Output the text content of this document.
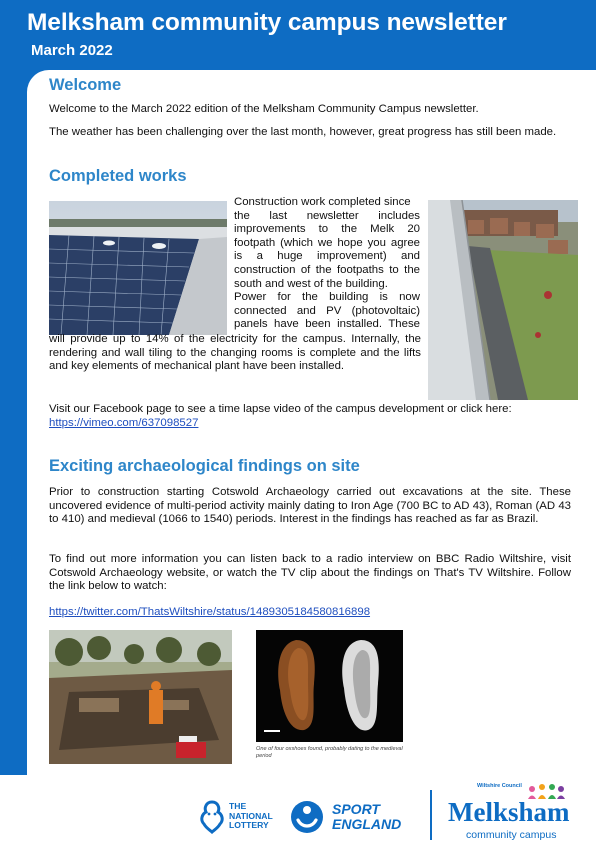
Melksham community campus newsletter
March 2022
Welcome
Welcome to the March 2022 edition of the Melksham Community Campus newsletter.
The weather has been challenging over the last month, however, great progress has still been made.
Completed works
Construction work completed since
the last newsletter includes
improvements to the Melk 20
footpath (which we hope you agree
is a huge improvement) and
construction of the footpaths to the
south and west of the building.
Power for the building is now
connected and PV (photovoltaic)
panels have been installed. These
will provide up to 14% of the electricity for the campus. Internally, the rendering and wall tiling to the changing rooms is complete and the lifts and key elements of mechanical plant have been installed.
Visit our Facebook page to see a time lapse video of the campus development or click here:
https://vimeo.com/637098527
Exciting archaeological findings on site
Prior to construction starting Cotswold Archaeology carried out excavations at the site. These uncovered evidence of multi-period activity mainly dating to Iron Age (700 BC to AD 43), Roman (AD 43 to 410) and medieval (1066 to 1540) periods. Interest in the findings has reached as far as Brazil.
To find out more information you can listen back to a radio interview on BBC Radio Wiltshire, visit Cotswold Archaeology website, or watch the TV clip about the findings on That's TV Wiltshire. Follow the link below to watch:
https://twitter.com/ThatsWiltshire/status/1489305184580816898
One of four oxshoes found, probably dating to the medieval period
THE
NATIONAL
LOTTERY
SPORT
ENGLAND
Wiltshire Council
Melksham
community campus
